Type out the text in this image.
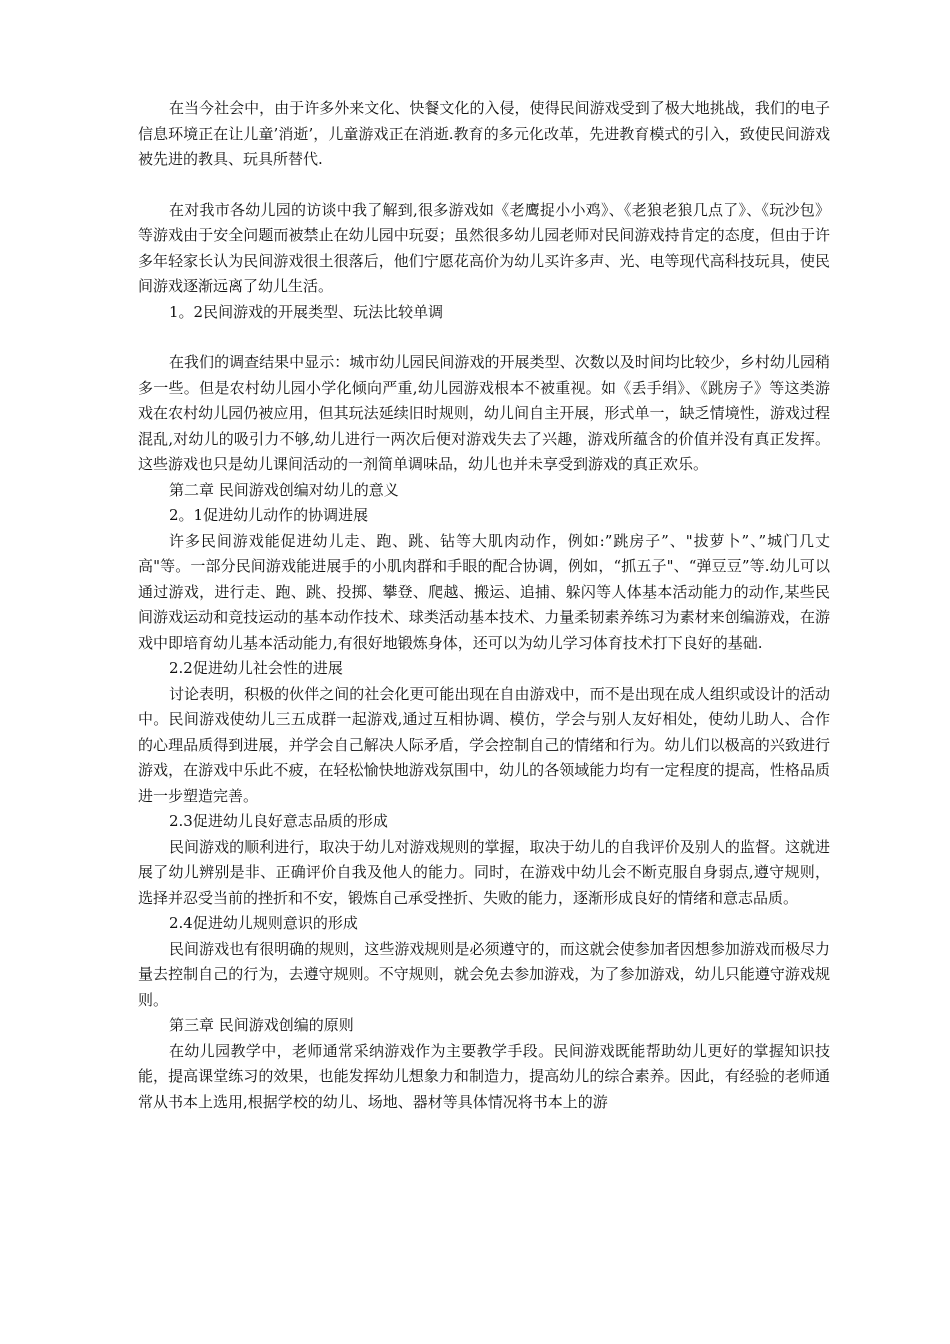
在当今社会中，由于许多外来文化、快餐文化的入侵，使得民间游戏受到了极大地挑战，我们的电子信息环境正在让儿童’消逝’，儿童游戏正在消逝.教育的多元化改革，先进教育模式的引入，致使民间游戏被先进的教具、玩具所替代.

在对我市各幼儿园的访谈中我了解到,很多游戏如《老鹰捉小小鸡》、《老狼老狼几点了》、《玩沙包》等游戏由于安全问题而被禁止在幼儿园中玩耍；虽然很多幼儿园老师对民间游戏持肯定的态度，但由于许多年轻家长认为民间游戏很土很落后，他们宁愿花高价为幼儿买许多声、光、电等现代高科技玩具，使民间游戏逐渐远离了幼儿生活。

1。2民间游戏的开展类型、玩法比较单调

在我们的调查结果中显示：城市幼儿园民间游戏的开展类型、次数以及时间均比较少，乡村幼儿园稍多一些。但是农村幼儿园小学化倾向严重,幼儿园游戏根本不被重视。如《丢手绢》、《跳房子》等这类游戏在农村幼儿园仍被应用，但其玩法延续旧时规则，幼儿间自主开展，形式单一，缺乏情境性，游戏过程混乱,对幼儿的吸引力不够,幼儿进行一两次后便对游戏失去了兴趣，游戏所蕴含的价值并没有真正发挥。这些游戏也只是幼儿课间活动的一剂简单调味品，幼儿也并未享受到游戏的真正欢乐。

第二章 民间游戏创编对幼儿的意义

2。1促进幼儿动作的协调进展

许多民间游戏能促进幼儿走、跑、跳、钻等大肌肉动作，例如:”跳房子”、"拔萝卜”、”城门几丈高"等。一部分民间游戏能进展手的小肌肉群和手眼的配合协调，例如，“抓五子"、“弹豆豆”等.幼儿可以通过游戏，进行走、跑、跳、投掷、攀登、爬越、搬运、追捕、躲闪等人体基本活动能力的动作,某些民间游戏运动和竞技运动的基本动作技术、球类活动基本技术、力量柔韧素养练习为素材来创编游戏，在游戏中即培育幼儿基本活动能力,有很好地锻炼身体，还可以为幼儿学习体育技术打下良好的基础.

2.2促进幼儿社会性的进展

讨论表明，积极的伙伴之间的社会化更可能出现在自由游戏中，而不是出现在成人组织或设计的活动中。民间游戏使幼儿三五成群一起游戏,通过互相协调、模仿，学会与别人友好相处，使幼儿助人、合作的心理品质得到进展，并学会自己解决人际矛盾，学会控制自己的情绪和行为。幼儿们以极高的兴致进行游戏，在游戏中乐此不疲，在轻松愉快地游戏氛围中，幼儿的各领域能力均有一定程度的提高，性格品质进一步塑造完善。

2.3促进幼儿良好意志品质的形成

民间游戏的顺利进行，取决于幼儿对游戏规则的掌握，取决于幼儿的自我评价及别人的监督。这就进展了幼儿辨别是非、正确评价自我及他人的能力。同时，在游戏中幼儿会不断克服自身弱点,遵守规则，选择并忍受当前的挫折和不安，锻炼自己承受挫折、失败的能力，逐渐形成良好的情绪和意志品质。

2.4促进幼儿规则意识的形成

民间游戏也有很明确的规则，这些游戏规则是必须遵守的，而这就会使参加者因想参加游戏而极尽力量去控制自己的行为，去遵守规则。不守规则，就会免去参加游戏，为了参加游戏，幼儿只能遵守游戏规则。

第三章 民间游戏创编的原则

在幼儿园教学中，老师通常采纳游戏作为主要教学手段。民间游戏既能帮助幼儿更好的掌握知识技能，提高课堂练习的效果，也能发挥幼儿想象力和制造力，提高幼儿的综合素养。因此，有经验的老师通常从书本上选用,根据学校的幼儿、场地、器材等具体情况将书本上的游
